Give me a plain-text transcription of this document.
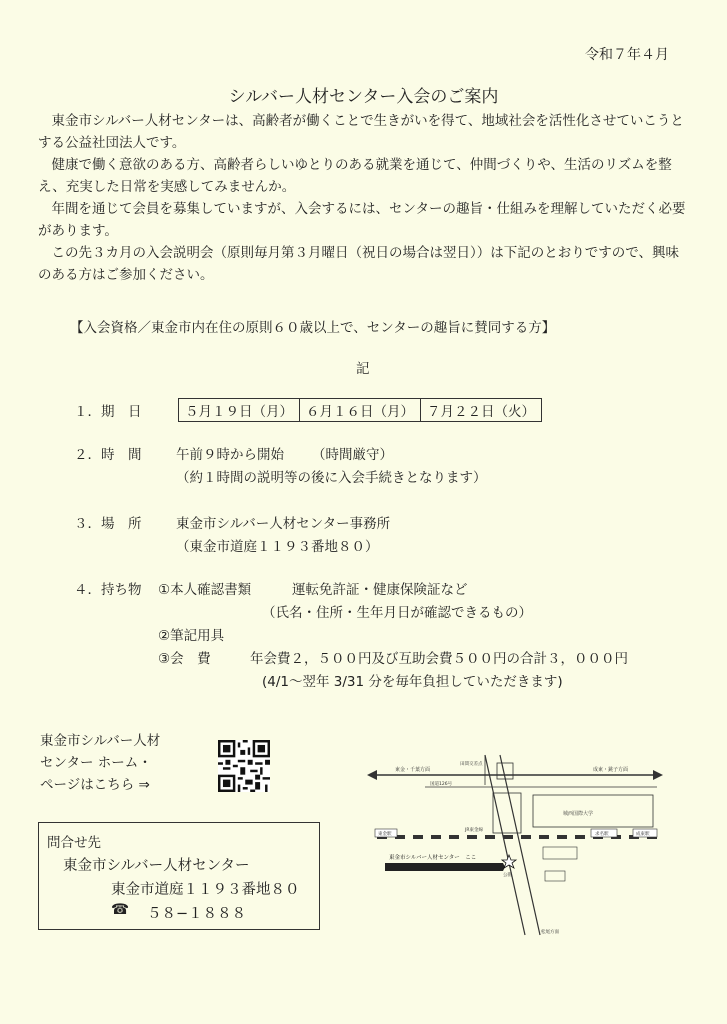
令和７年４月
シルバー人材センター入会のご案内
東金市シルバー人材センターは、高齢者が働くことで生きがいを得て、地域社会を活性化させていこうとする公益社団法人です。
健康で働く意欲のある方、高齢者らしいゆとりのある就業を通じて、仲間づくりや、生活のリズムを整え、充実した日常を実感してみませんか。
年間を通じて会員を募集していますが、入会するには、センターの趣旨・仕組みを理解していただく必要があります。
この先３カ月の入会説明会（原則毎月第３月曜日（祝日の場合は翌日））は下記のとおりですので、興味のある方はご参加ください。
【入会資格／東金市内在住の原則６０歳以上で、センターの趣旨に賛同する方】
記
１．期　日	５月１９日（月） ６月１６日（月） ７月２２日（火）
２．時　間	午前９時から開始 （時間厳守）
（約１時間の説明等の後に入会手続きとなります）
３．場　所	東金市シルバー人材センター事務所
（東金市道庭１１９３番地８０）
４．持ち物 ①本人確認書類	運転免許証・健康保険証など
（氏名・住所・生年月日が確認できるもの）
②筆記用具
③会　費	年会費２，５００円及び互助会費５００円の合計３，０００円
(4/1～翌年 3/31 分を毎年負担していただきます)
東金市シルバー人材
センター ホーム・
ページはこちら ⇒
問合せ先
東金市シルバー人材センター
東金市道庭１１９３番地８０
☎ ５８−１８８８
東金・千葉方面	成東・銚子方面
国道126号
田間交差点
城西国際大学
東金駅	求名駅	成東駅
JR東金線
東金市シルバー人材センター　ここ
公園
松尾方面
